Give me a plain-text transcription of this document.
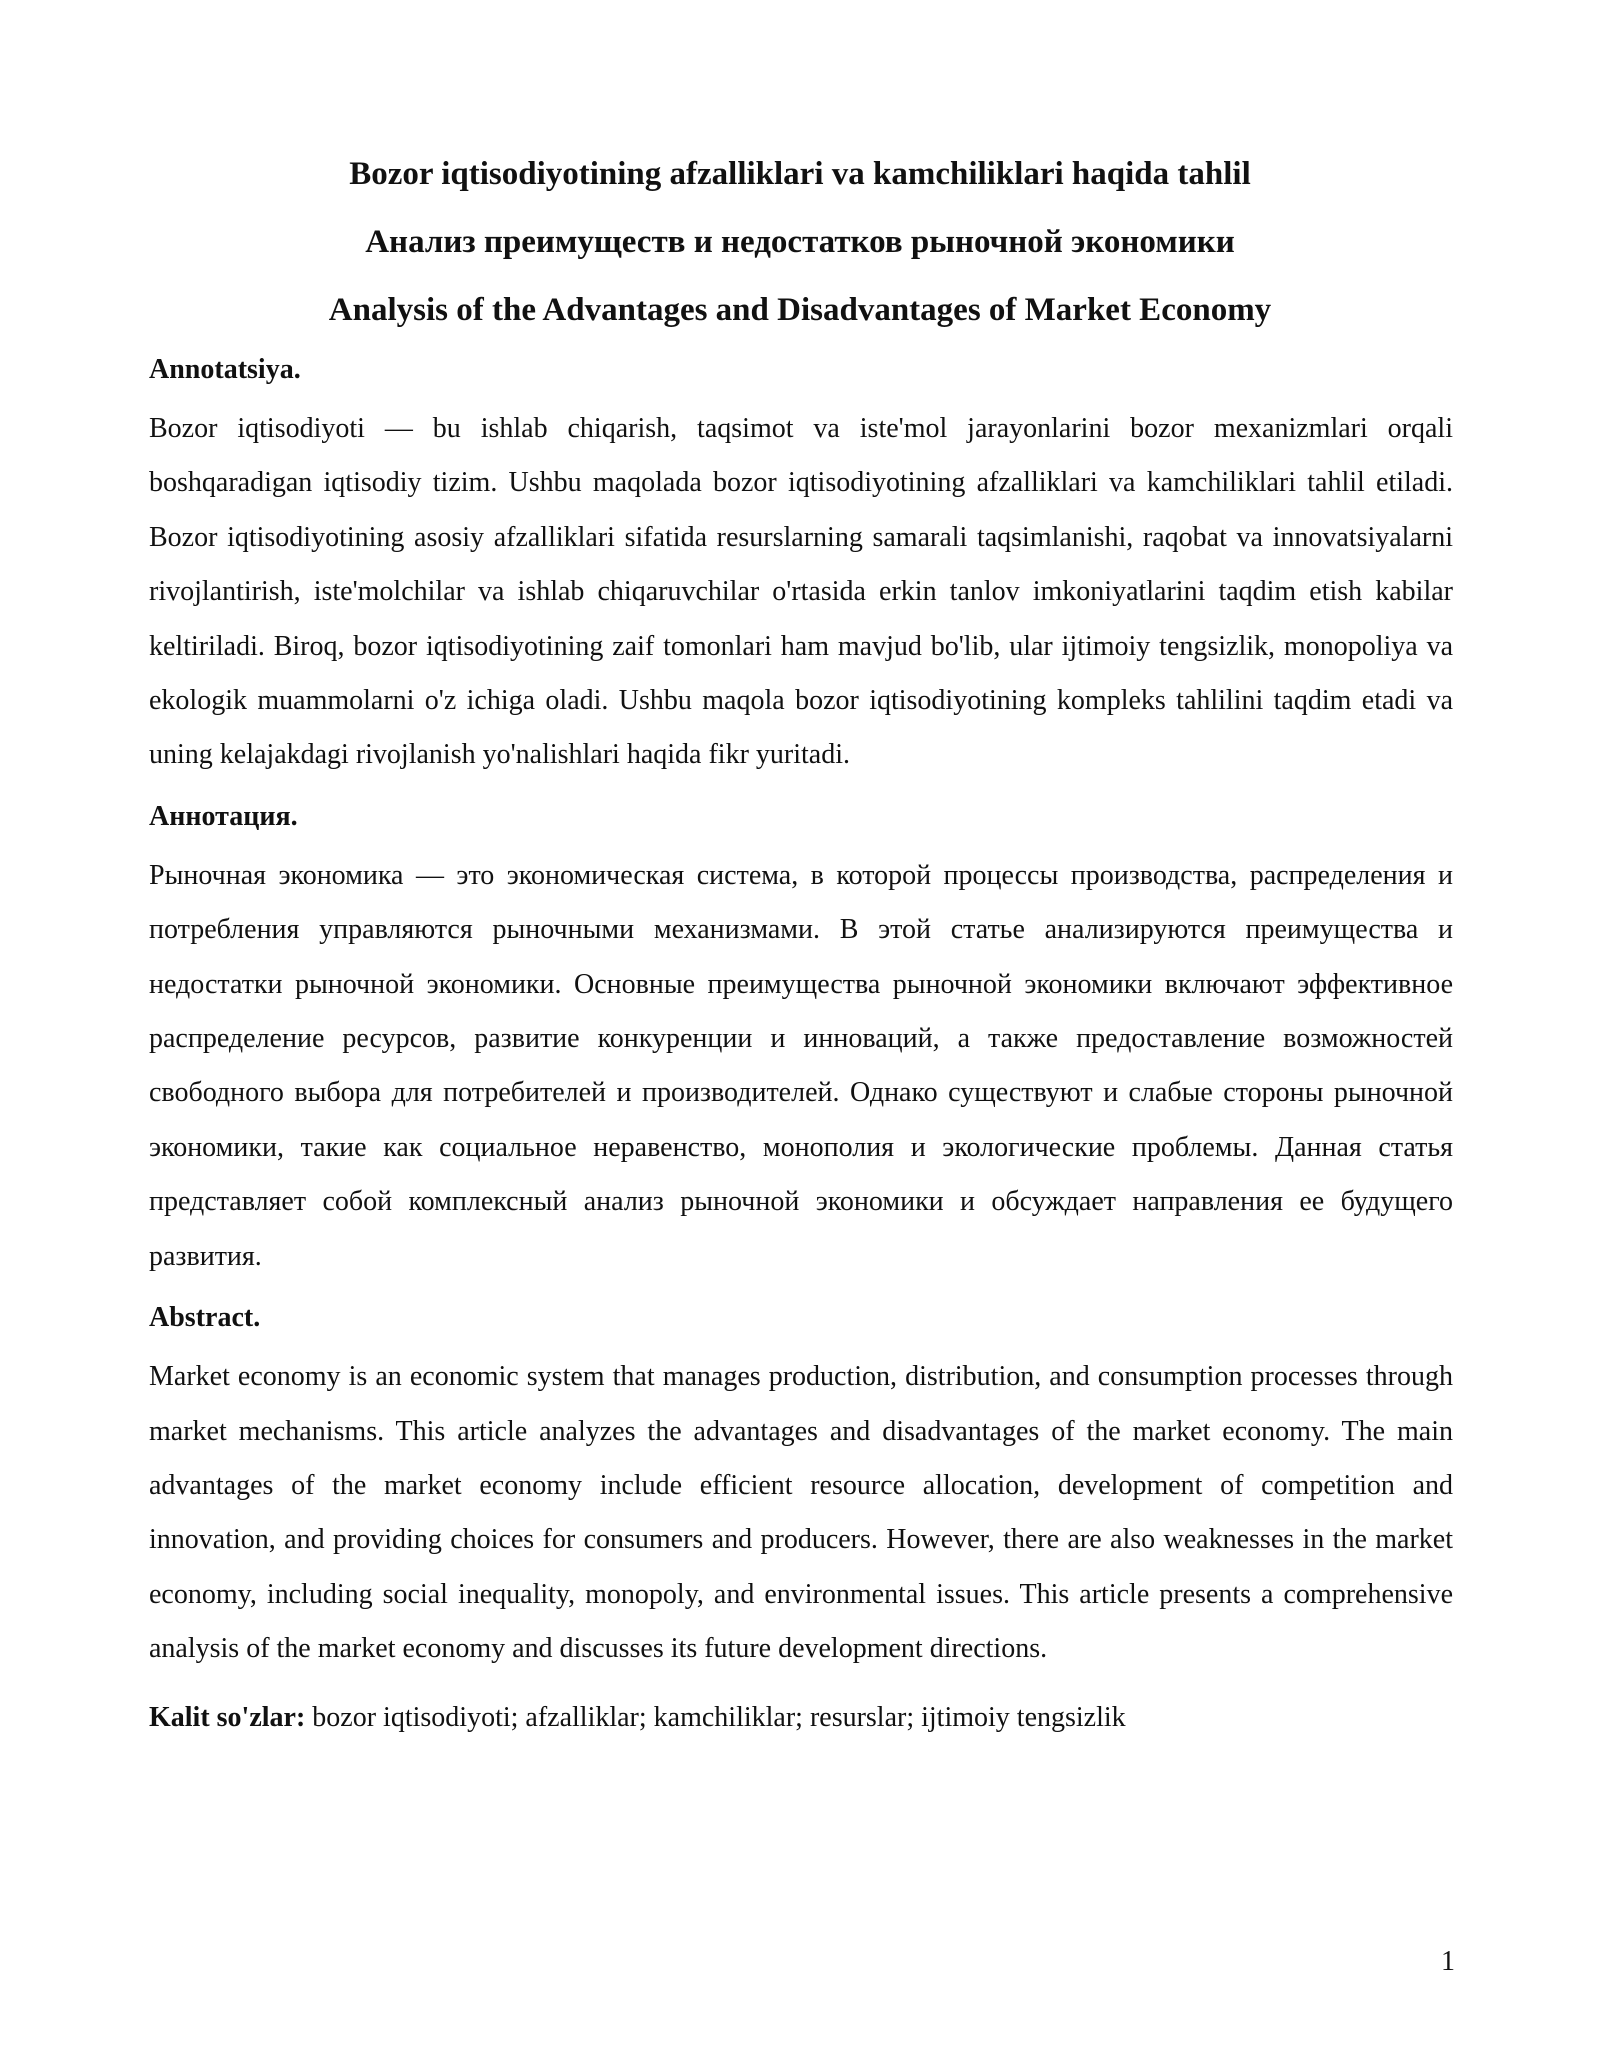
Bozor iqtisodiyotining afzalliklari va kamchiliklari haqida tahlil
Анализ преимуществ и недостатков рыночной экономики
Analysis of the Advantages and Disadvantages of Market Economy

Annotatsiya.

Bozor iqtisodiyoti — bu ishlab chiqarish, taqsimot va iste'mol jarayonlarini bozor mexanizmlari orqali boshqaradigan iqtisodiy tizim. Ushbu maqolada bozor iqtisodiyotining afzalliklari va kamchiliklari tahlil etiladi. Bozor iqtisodiyotining asosiy afzalliklari sifatida resurslarning samarali taqsimlanishi, raqobat va innovatsiyalarni rivojlantirish, iste'molchilar va ishlab chiqaruvchilar o'rtasida erkin tanlov imkoniyatlarini taqdim etish kabilar keltiriladi. Biroq, bozor iqtisodiyotining zaif tomonlari ham mavjud bo'lib, ular ijtimoiy tengsizlik, monopoliya va ekologik muammolarni o'z ichiga oladi. Ushbu maqola bozor iqtisodiyotining kompleks tahlilini taqdim etadi va uning kelajakdagi rivojlanish yo'nalishlari haqida fikr yuritadi.

Аннотация.

Рыночная экономика — это экономическая система, в которой процессы производства, распределения и потребления управляются рыночными механизмами. В этой статье анализируются преимущества и недостатки рыночной экономики. Основные преимущества рыночной экономики включают эффективное распределение ресурсов, развитие конкуренции и инноваций, а также предоставление возможностей свободного выбора для потребителей и производителей. Однако существуют и слабые стороны рыночной экономики, такие как социальное неравенство, монополия и экологические проблемы. Данная статья представляет собой комплексный анализ рыночной экономики и обсуждает направления ее будущего развития.

Abstract.

Market economy is an economic system that manages production, distribution, and consumption processes through market mechanisms. This article analyzes the advantages and disadvantages of the market economy. The main advantages of the market economy include efficient resource allocation, development of competition and innovation, and providing choices for consumers and producers. However, there are also weaknesses in the market economy, including social inequality, monopoly, and environmental issues. This article presents a comprehensive analysis of the market economy and discusses its future development directions.

Kalit so'zlar: bozor iqtisodiyoti; afzalliklar; kamchiliklar; resurslar; ijtimoiy tengsizlik

1
